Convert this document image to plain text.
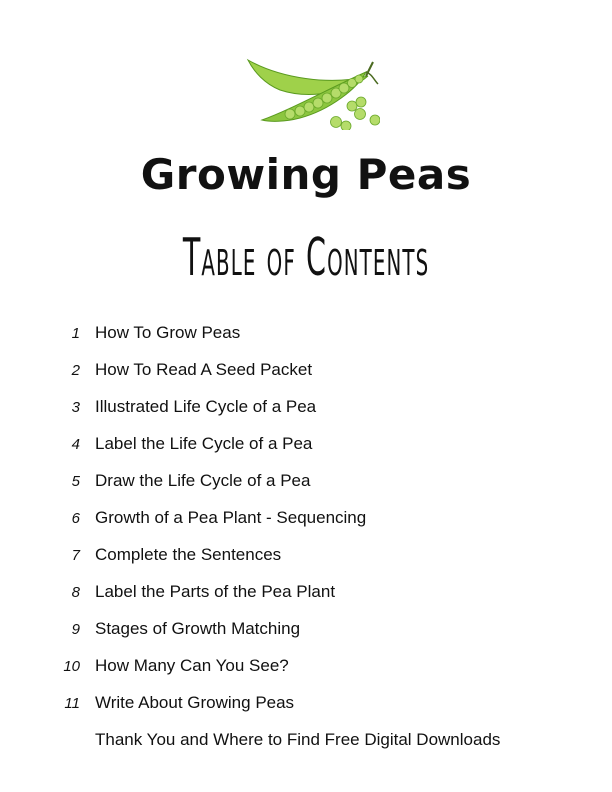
Growing Peas
Table of Contents
1 How To Grow Peas
2 How To Read A Seed Packet
3 Illustrated Life Cycle of a Pea
4 Label the Life Cycle of a Pea
5 Draw the Life Cycle of a Pea
6 Growth of a Pea Plant - Sequencing
7 Complete the Sentences
8 Label the Parts of the Pea Plant
9 Stages of Growth Matching
10 How Many Can You See?
11 Write About Growing Peas
Thank You and Where to Find Free Digital Downloads
